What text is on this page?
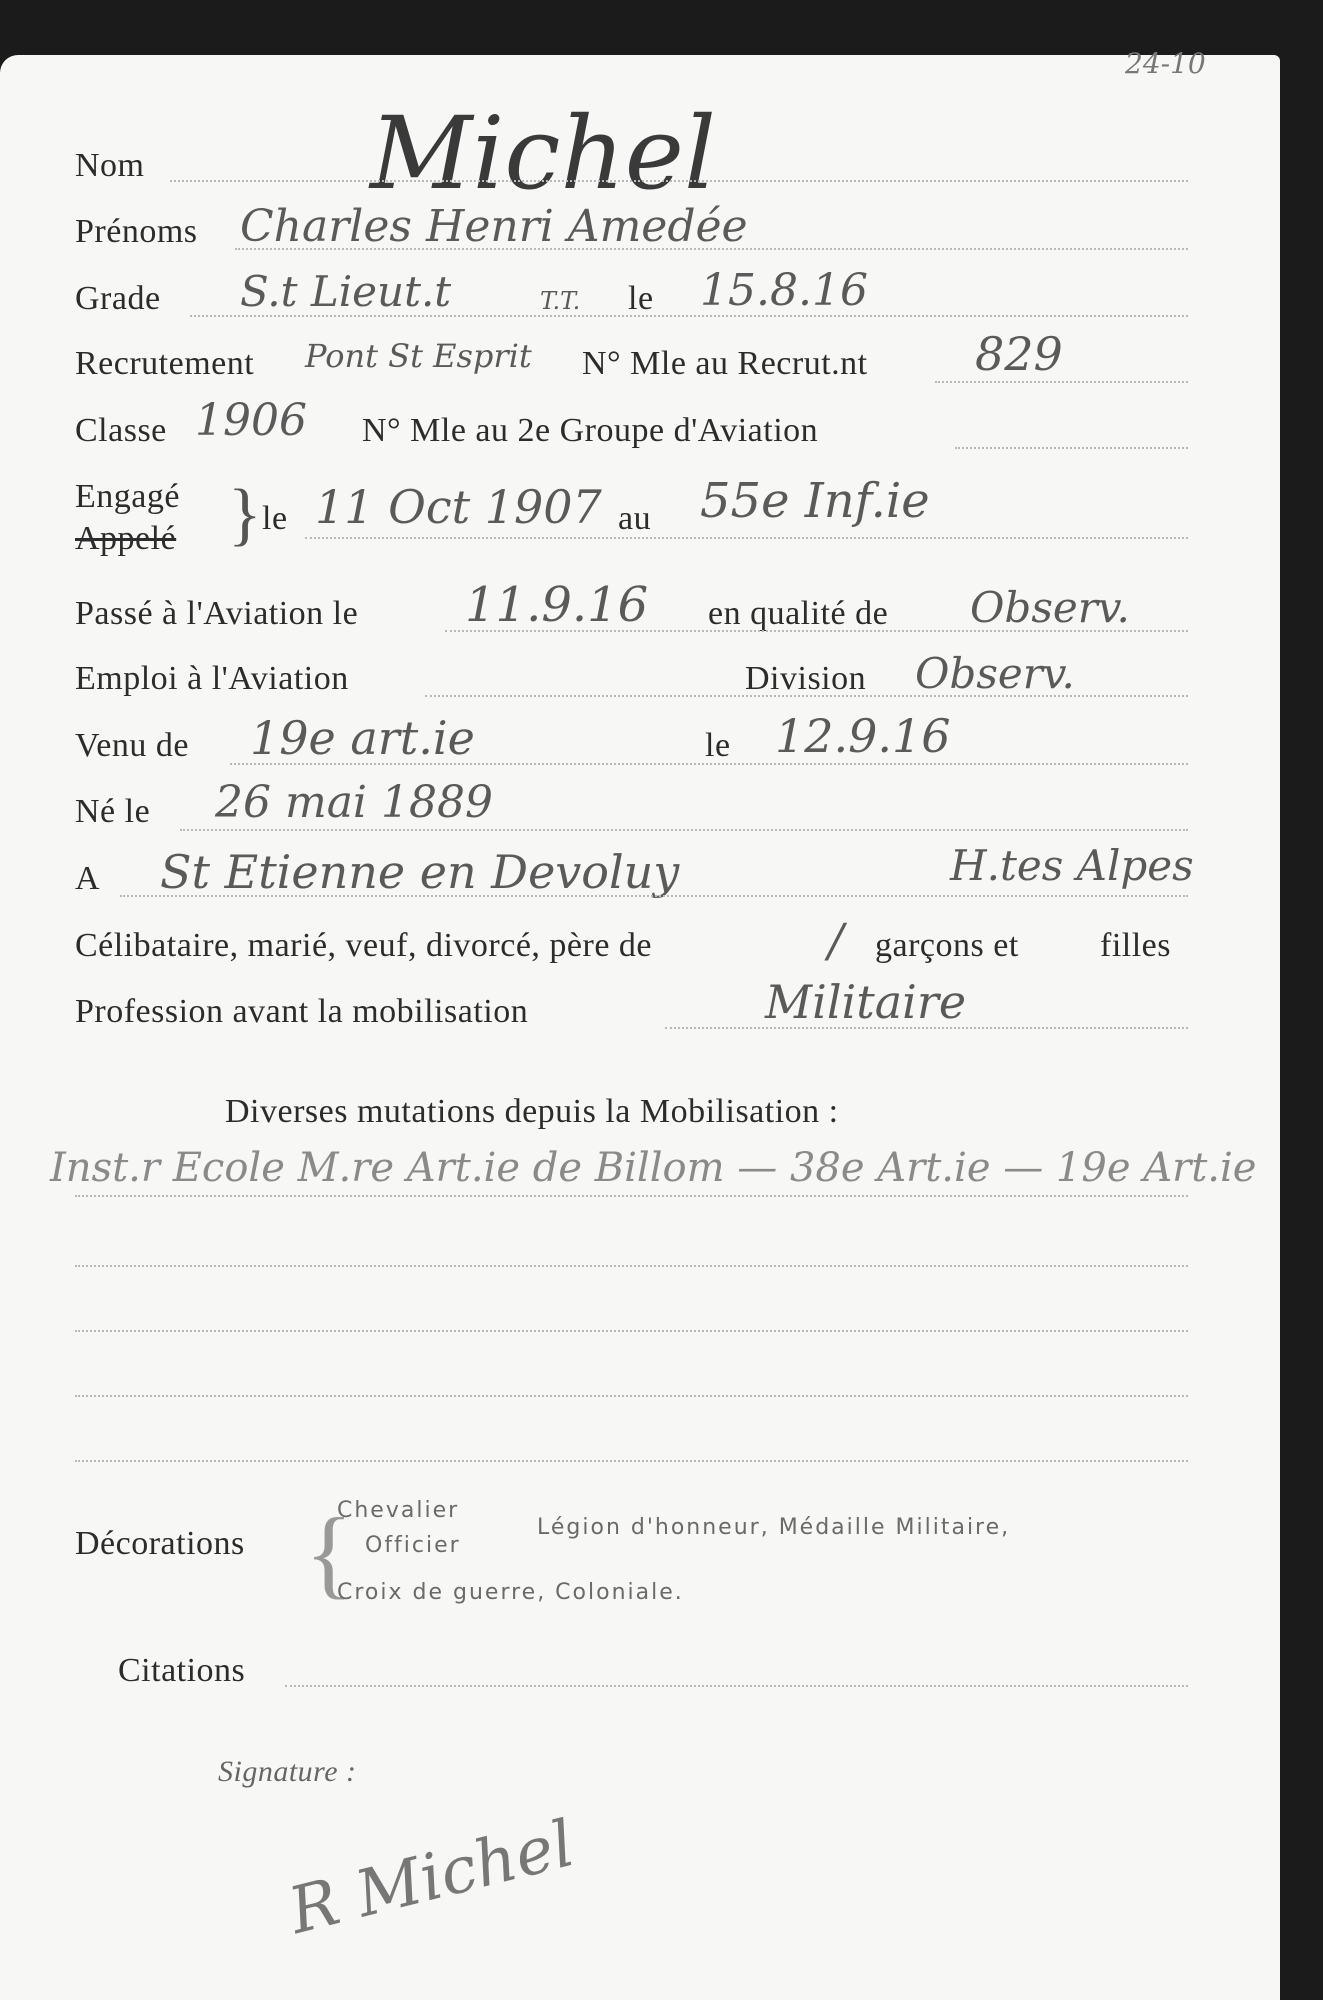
24-10
Nom Michel
Prénoms Charles Henri Amedée
Grade S.t Lieut.t	T.T. le 15.8.16
Recrutement Pont St Esprit N° Mle au Recrut.nt 829
Classe 1906 N° Mle au 2e Groupe d'Aviation
Engagé
Appelé } le 11 Oct 1907 au 55e Inf.ie
Passé à l'Aviation le 11.9.16 en qualité de Observ.
Emploi à l'Aviation	Division Observ.
Venu de 19e art.ie	le 12.9.16
Né le 26 mai 1889
A St Etienne en Devoluy	H.tes Alpes
Célibataire, marié, veuf, divorcé, père de	/ garçons et filles
Profession avant la mobilisation	Militaire
Diverses mutations depuis la Mobilisation :
Inst.r Ecole M.re Art.ie de Billom — 38e Art.ie — 19e Art.ie
Décorations {
Chevalier
Officier
Légion d'honneur, Médaille Militaire,
Croix de guerre, Coloniale.
Citations
Signature :
R Michel
